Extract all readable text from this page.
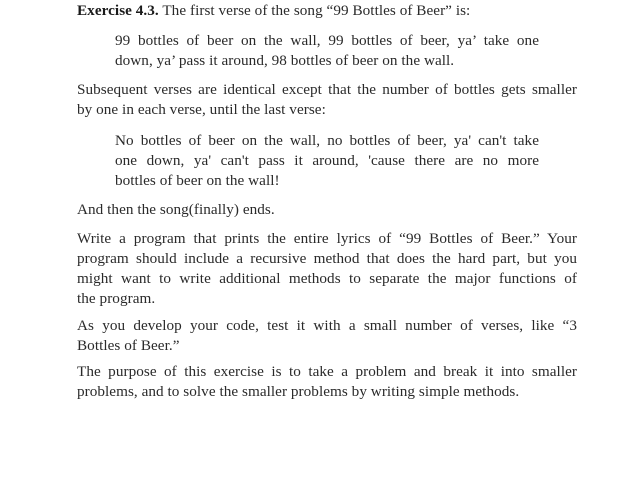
Exercise 4.3. The first verse of the song “99 Bottles of Beer” is:
99 bottles of beer on the wall, 99 bottles of beer, ya’ take one
down, ya’ pass it around, 98 bottles of beer on the wall.
Subsequent verses are identical except that the number of bottles gets smaller
by one in each verse, until the last verse:
No bottles of beer on the wall, no bottles of beer, ya' can't take
one down, ya' can't pass it around, 'cause there are no more
bottles of beer on the wall!
And then the song(finally) ends.
Write a program that prints the entire lyrics of “99 Bottles of Beer.” Your
program should include a recursive method that does the hard part, but you
might want to write additional methods to separate the major functions of
the program.
As you develop your code, test it with a small number of verses, like “3
Bottles of Beer.”
The purpose of this exercise is to take a problem and break it into smaller
problems, and to solve the smaller problems by writing simple methods.
